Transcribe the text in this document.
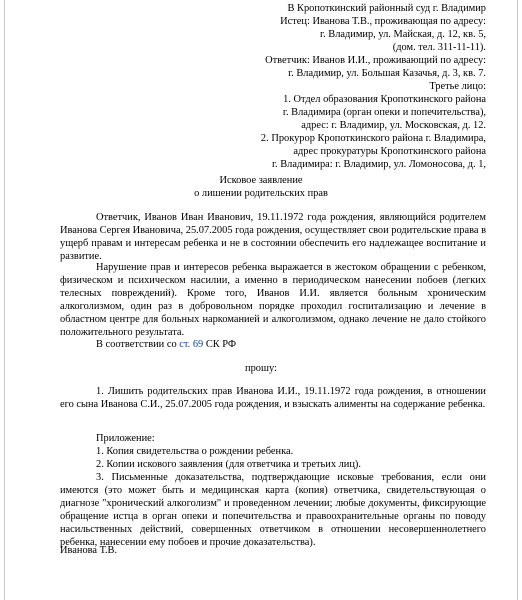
В Кропоткинский районный суд г. Владимир
Истец: Иванова Т.В., проживающая по адресу:
г. Владимир, ул. Майская, д. 12, кв. 5,
(дом. тел. 311-11-11).
Ответчик: Иванов И.И., проживающий по адресу:
г. Владимир, ул. Большая Казачья, д. 3, кв. 7.
Третье лицо:
1. Отдел образования Кропоткинского района
г. Владимира (орган опеки и попечительства),
адрес: г. Владимир, ул. Московская, д. 12.
2. Прокурор Кропоткинского района г. Владимира,
адрес прокуратуры Кропоткинского района
г. Владимира: г. Владимир, ул. Ломоносова, д. 1,
Исковое заявление
о лишении родительских прав

Ответчик, Иванов Иван Иванович, 19.11.1972 года рождения, являющийся родителем Иванова Сергея Ивановича, 25.07.2005 года рождения, осуществляет свои родительские права в ущерб правам и интересам ребенка и не в состоянии обеспечить его надлежащее воспитание и развитие.

Нарушение прав и интересов ребенка выражается в жестоком обращении с ребенком, физическом и психическом насилии, а именно в периодическом нанесении побоев (легких телесных повреждений). Кроме того, Иванов И.И. является больным хроническим алкоголизмом, один раз в добровольном порядке проходил госпитализацию и лечение в областном центре для больных наркоманией и алкоголизмом, однако лечение не дало стойкого положительного результата.

В соответствии со ст. 69 СК РФ

прошу:

1. Лишить родительских прав Иванова И.И., 19.11.1972 года рождения, в отношении его сына Иванова С.И., 25.07.2005 года рождения, и взыскать алименты на содержание ребенка.

Приложение:
1. Копия свидетельства о рождении ребенка.
2. Копии искового заявления (для ответчика и третьих лиц).
3. Письменные доказательства, подтверждающие исковые требования, если они имеются (это может быть и медицинская карта (копия) ответчика, свидетельствующая о диагнозе "хронический алкоголизм" и проведенном лечении; любые документы, фиксирующие обращение истца в орган опеки и попечительства и правоохранительные органы по поводу насильственных действий, совершенных ответчиком в отношении несовершеннолетнего ребенка, нанесении ему побоев и прочие доказательства).
Иванова Т.В.
